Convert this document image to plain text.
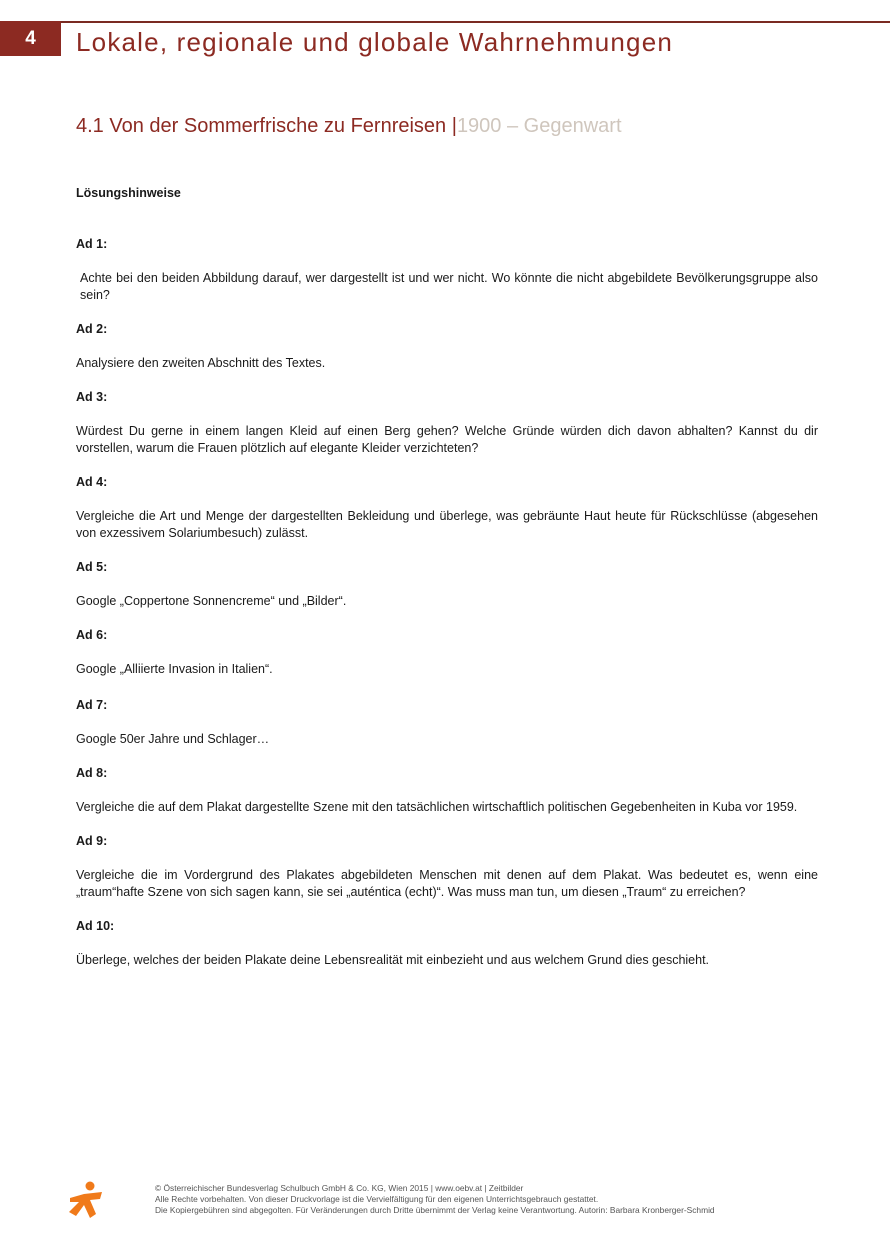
4 Lokale, regionale und globale Wahrnehmungen
4.1 Von der Sommerfrische zu Fernreisen |1900 – Gegenwart
Lösungshinweise
Ad 1:
Achte bei den beiden Abbildung darauf, wer dargestellt ist und wer nicht. Wo könnte die nicht abgebildete Bevölkerungsgruppe also sein?
Ad 2:
Analysiere den zweiten Abschnitt des Textes.
Ad 3:
Würdest Du gerne in einem langen Kleid auf einen Berg gehen? Welche Gründe würden dich davon abhalten? Kannst du dir vorstellen, warum die Frauen plötzlich auf elegante Kleider verzichteten?
Ad 4:
Vergleiche die Art und Menge der dargestellten Bekleidung und überlege, was gebräunte Haut heute für Rückschlüsse (abgesehen von exzessivem Solariumbesuch) zulässt.
Ad 5:
Google „Coppertone Sonnencreme“ und „Bilder“.
Ad 6:
Google „Alliierte Invasion in Italien“.
Ad 7:
Google 50er Jahre und Schlager…
Ad 8:
Vergleiche die auf dem Plakat dargestellte Szene mit den tatsächlichen wirtschaftlich politischen Gegebenheiten in Kuba vor 1959.
Ad 9:
Vergleiche die im Vordergrund des Plakates abgebildeten Menschen mit denen auf dem Plakat. Was bedeutet es, wenn eine „traum“hafte Szene von sich sagen kann, sie sei „auténtica (echt)“. Was muss man tun, um diesen „Traum“ zu erreichen?
Ad 10:
Überlege, welches der beiden Plakate deine Lebensrealität mit einbezieht und aus welchem Grund dies geschieht.
© Österreichischer Bundesverlag Schulbuch GmbH & Co. KG, Wien 2015 | www.oebv.at | Zeitbilder
Alle Rechte vorbehalten. Von dieser Druckvorlage ist die Vervielfältigung für den eigenen Unterrichtsgebrauch gestattet.
Die Kopiergebühren sind abgegolten. Für Veränderungen durch Dritte übernimmt der Verlag keine Verantwortung. Autorin: Barbara Kronberger-Schmid
